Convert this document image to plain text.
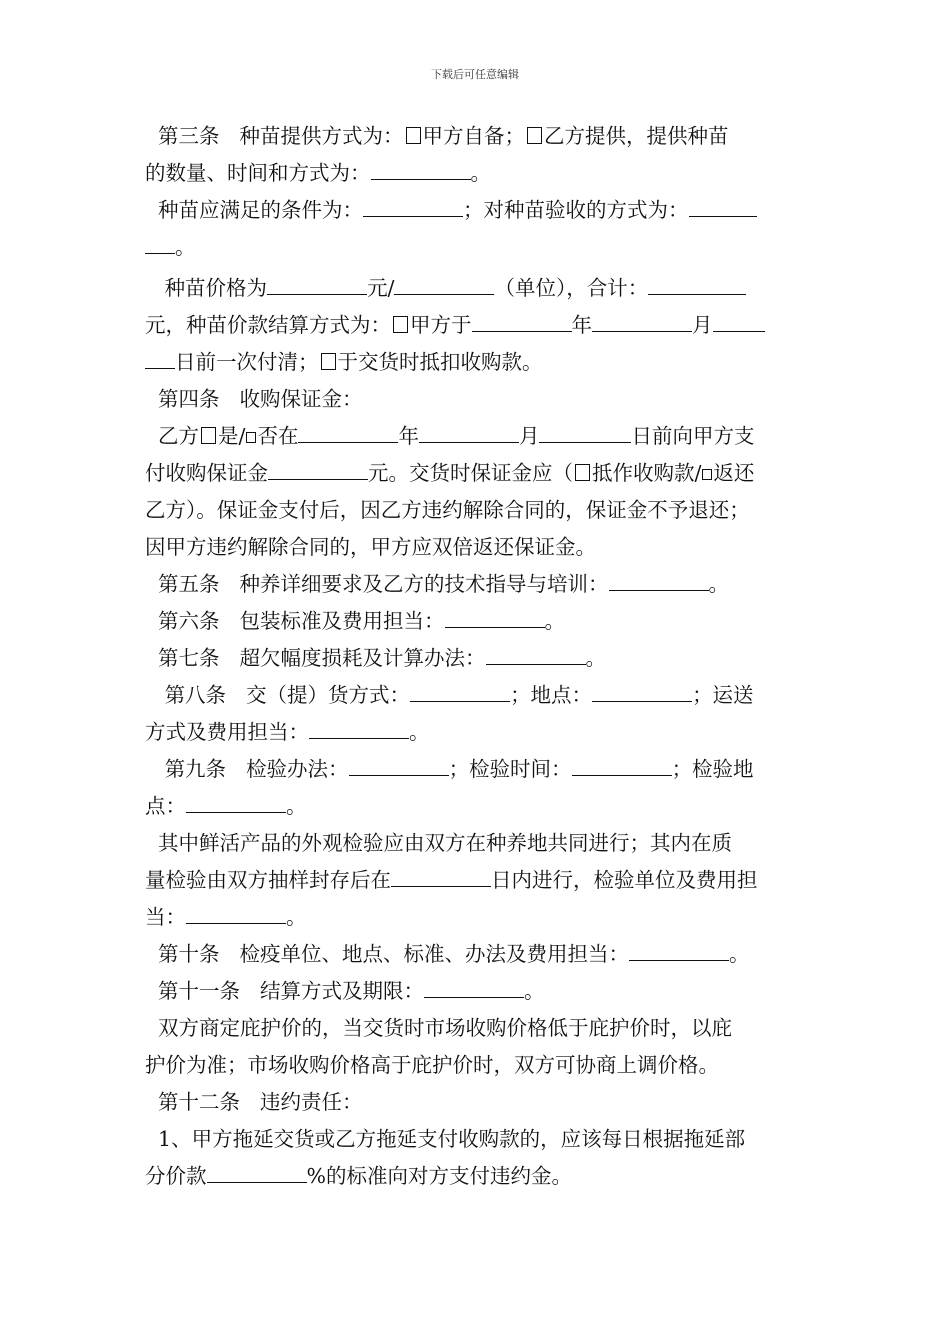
下载后可任意编辑

第三条 种苗提供方式为： 甲方自备； 乙方提供，提供种苗

的数量、时间和方式为：	。

种苗应满足的条件为：	；对种苗验收的方式为：

。

种苗价格为	元/	（单位），合计：

元，种苗价款结算方式为： 甲方于	年	月

日前一次付清； 于交货时抵扣收购款。

第四条 收购保证金：

乙方 是/ 否在	年	月	日前向甲方支

付收购保证金	元。交货时保证金应（ 抵作收购款/ 返还

乙方）。保证金支付后，因乙方违约解除合同的，保证金不予退还；

因甲方违约解除合同的，甲方应双倍返还保证金。

第五条 种养详细要求及乙方的技术指导与培训：	。

第六条 包装标准及费用担当：	。

第七条 超欠幅度损耗及计算办法：	。

第八条 交（提）货方式：	；地点：	；运送

方式及费用担当：	。

第九条 检验办法：	；检验时间：	；检验地

点：	。

其中鲜活产品的外观检验应由双方在种养地共同进行；其内在质

量检验由双方抽样封存后在	日内进行，检验单位及费用担

当：	。

第十条 检疫单位、地点、标准、办法及费用担当：	。

第十一条 结算方式及期限：	。

双方商定庇护价的，当交货时市场收购价格低于庇护价时，以庇

护价为准；市场收购价格高于庇护价时，双方可协商上调价格。

第十二条 违约责任：

1、甲方拖延交货或乙方拖延支付收购款的，应该每日根据拖延部

分价款	%的标准向对方支付违约金。
